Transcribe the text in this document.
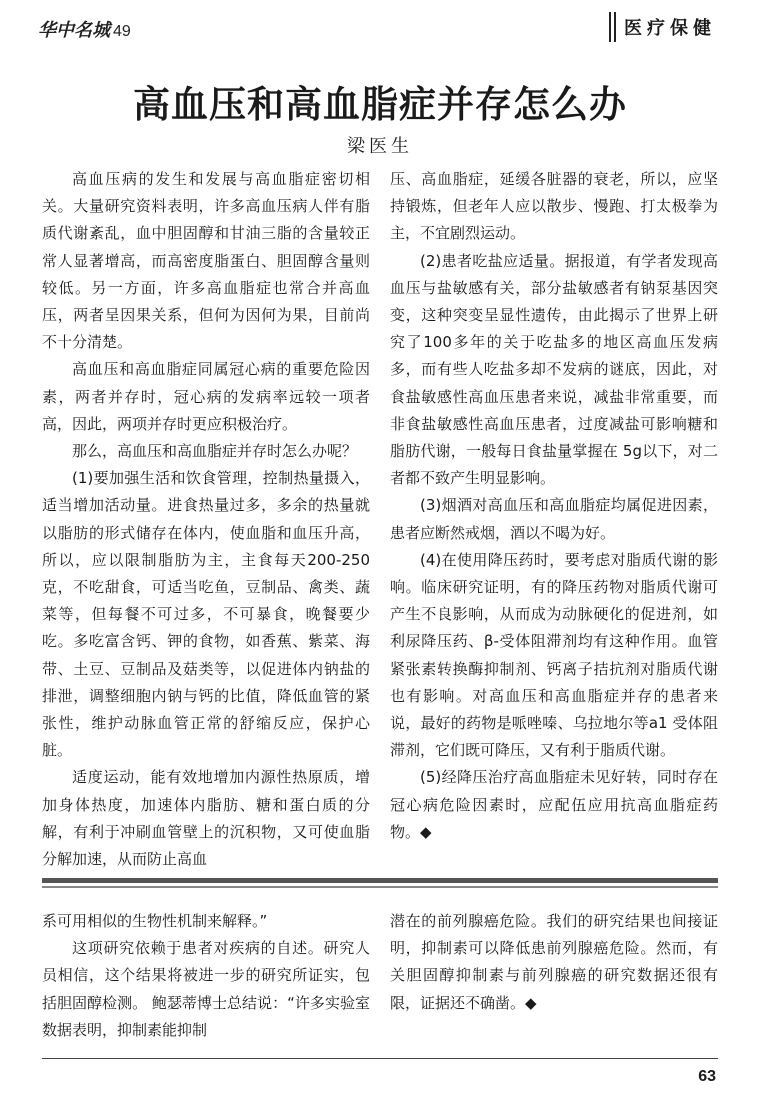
华中名城 49	医疗保健
高血压和高血脂症并存怎么办
梁医生

高血压病的发生和发展与高血脂症密切相关。大量研究资料表明，许多高血压病人伴有脂质代谢紊乱，血中胆固醇和甘油三脂的含量较正常人显著增高，而高密度脂蛋白、胆固醇含量则较低。另一方面，许多高血脂症也常合并高血压，两者呈因果关系，但何为因何为果，目前尚不十分清楚。

高血压和高血脂症同属冠心病的重要危险因素，两者并存时，冠心病的发病率远较一项者高，因此，两项并存时更应积极治疗。

那么，高血压和高血脂症并存时怎么办呢？

(1)要加强生活和饮食管理，控制热量摄入，适当增加活动量。进食热量过多，多余的热量就以脂肪的形式储存在体内，使血脂和血压升高，所以，应以限制脂肪为主，主食每天200-250克，不吃甜食，可适当吃鱼，豆制品、禽类、蔬菜等，但每餐不可过多，不可暴食，晚餐要少吃。多吃富含钙、钾的食物，如香蕉、紫菜、海带、土豆、豆制品及菇类等，以促进体内钠盐的排泄，调整细胞内钠与钙的比值，降低血管的紧张性，维护动脉血管正常的舒缩反应，保护心脏。

适度运动，能有效地增加内源性热原质，增加身体热度，加速体内脂肪、糖和蛋白质的分解，有利于冲刷血管壁上的沉积物，又可使血脂分解加速，从而防止高血

压、高血脂症，延缓各脏器的衰老，所以，应坚持锻炼，但老年人应以散步、慢跑、打太极拳为主，不宜剧烈运动。

(2)患者吃盐应适量。据报道，有学者发现高血压与盐敏感有关，部分盐敏感者有钠泵基因突变，这种突变呈显性遗传，由此揭示了世界上研究了100多年的关于吃盐多的地区高血压发病多，而有些人吃盐多却不发病的谜底，因此，对食盐敏感性高血压患者来说，减盐非常重要，而非食盐敏感性高血压患者，过度减盐可影响糖和脂肪代谢，一般每日食盐量掌握在 5g以下，对二者都不致产生明显影响。

(3)烟酒对高血压和高血脂症均属促进因素，患者应断然戒烟，酒以不喝为好。

(4)在使用降压药时，要考虑对脂质代谢的影响。临床研究证明，有的降压药物对脂质代谢可产生不良影响，从而成为动脉硬化的促进剂，如利尿降压药、β-受体阻滞剂均有这种作用。血管紧张素转换酶抑制剂、钙离子拮抗剂对脂质代谢也有影响。对高血压和高血脂症并存的患者来说，最好的药物是哌唑嗪、乌拉地尔等a1 受体阻滞剂，它们既可降压，又有利于脂质代谢。

(5)经降压治疗高血脂症未见好转，同时存在冠心病危险因素时，应配伍应用抗高血脂症药物。◆

系可用相似的生物性机制来解释。”

这项研究依赖于患者对疾病的自述。研究人员相信，这个结果将被进一步的研究所证实，包括胆固醇检测。 鲍瑟蒂博士总结说：“许多实验室数据表明，抑制素能抑制

潜在的前列腺癌危险。我们的研究结果也间接证明，抑制素可以降低患前列腺癌危险。然而，有关胆固醇抑制素与前列腺癌的研究数据还很有限，证据还不确凿。◆

63
